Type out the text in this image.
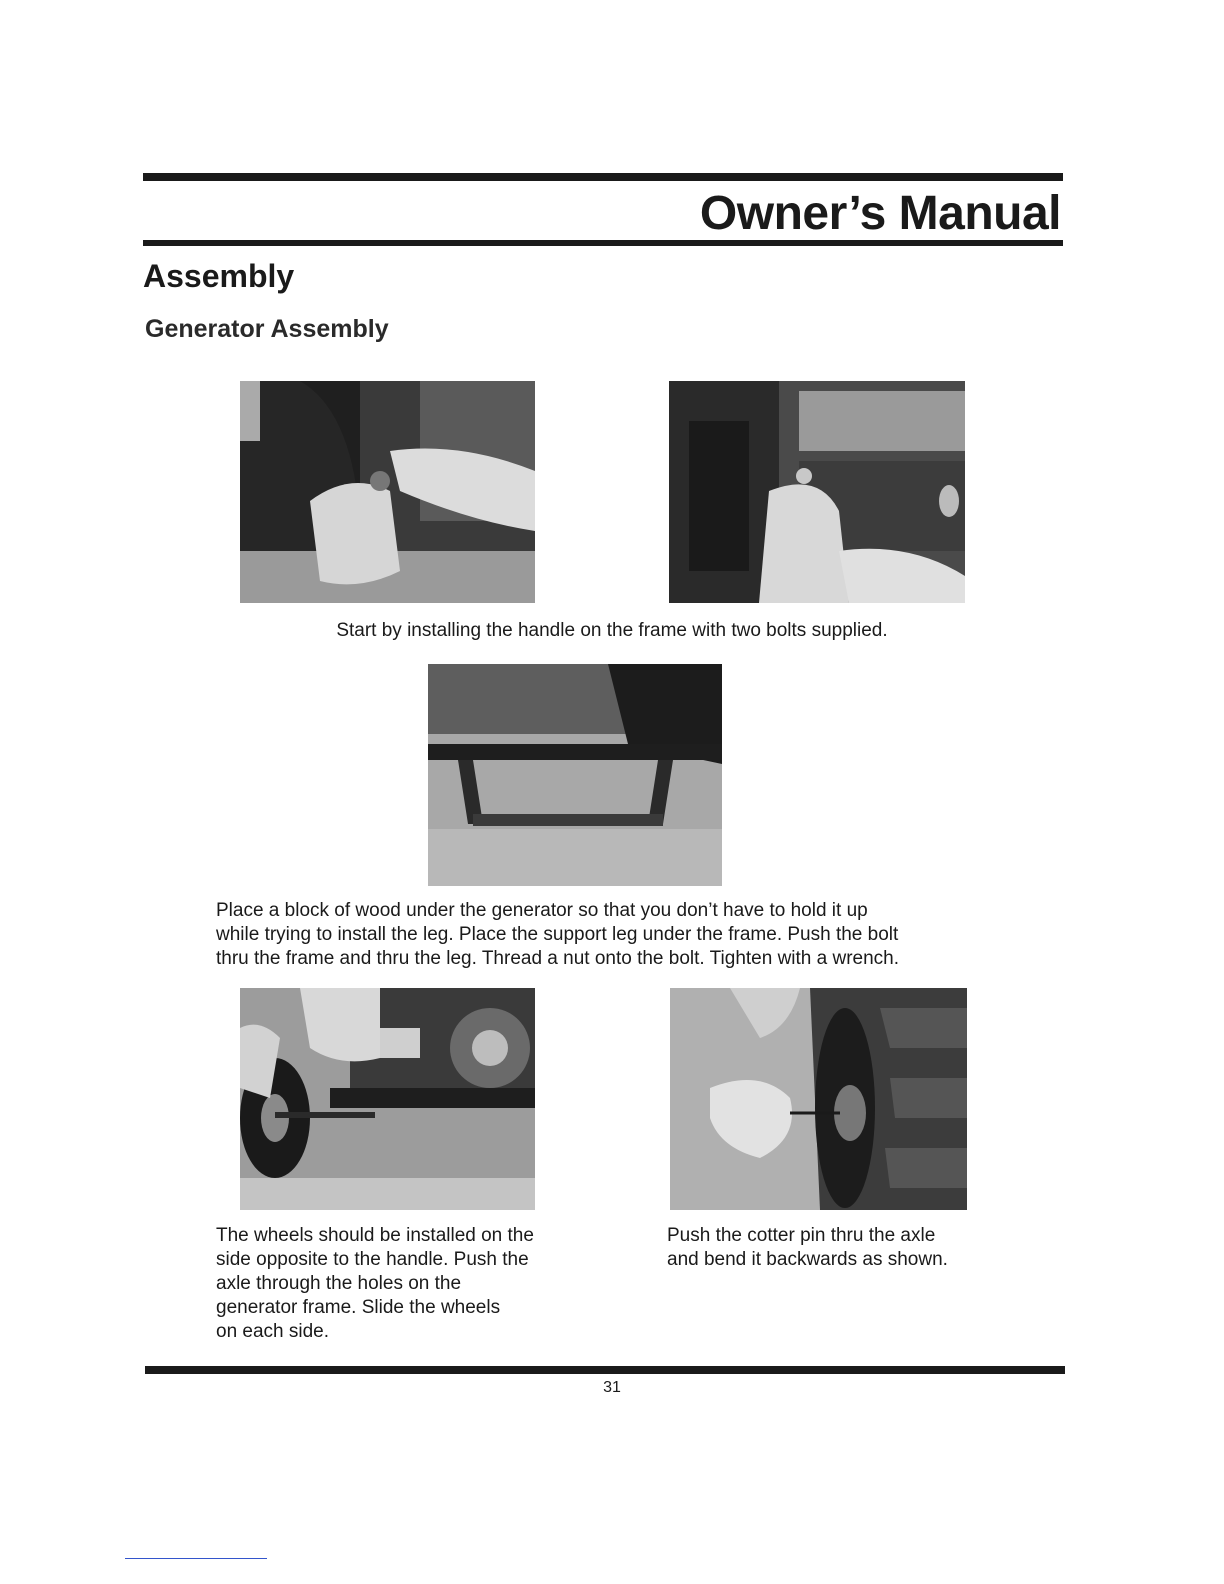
Owner’s Manual
Assembly
Generator Assembly
Start by installing the handle on the frame with two bolts supplied.
Place a block of wood under the generator so that you don’t have to hold it up
while trying to install the leg. Place the support leg under the frame. Push the bolt
thru the frame and thru the leg. Thread a nut onto the bolt. Tighten with a wrench.
The wheels should be installed on the
side opposite to the handle. Push the
axle through the holes on the
generator frame. Slide the wheels
on each side.
Push the cotter pin thru the axle
and bend it backwards as shown.
31
